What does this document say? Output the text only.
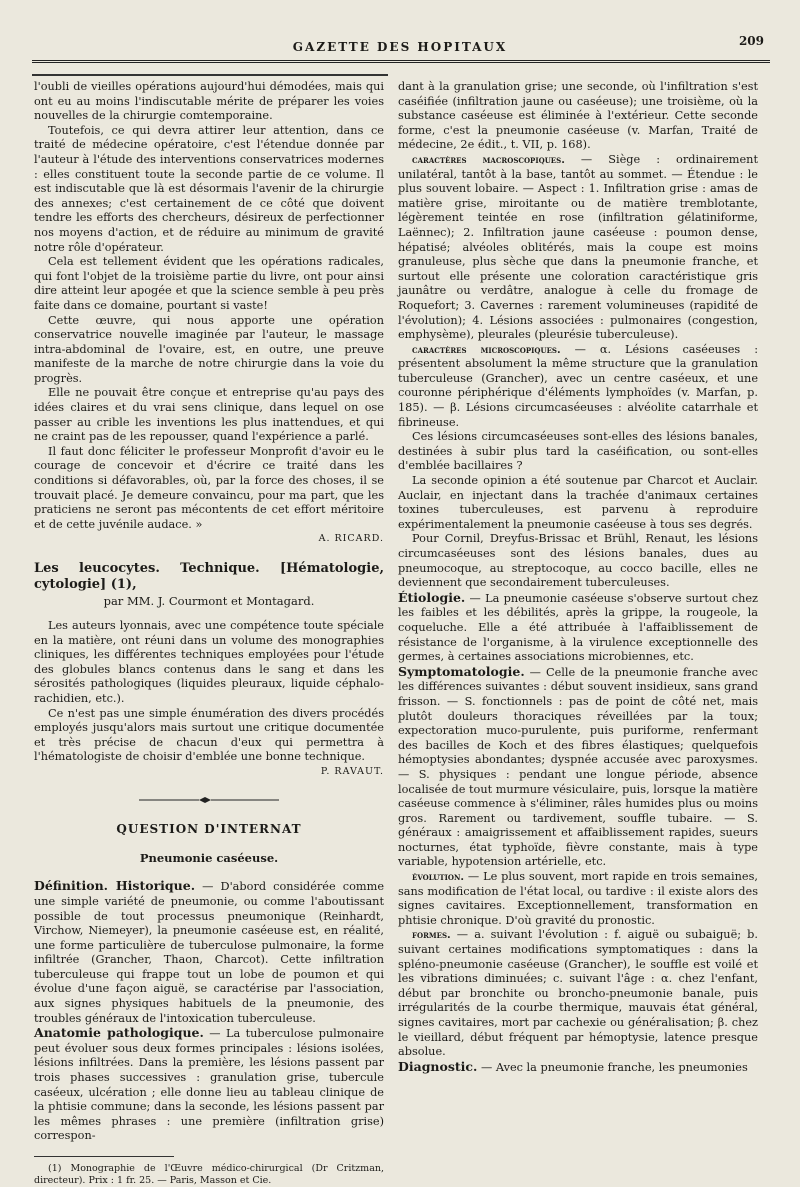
GAZETTE DES HOPITAUX	209

l'oubli de vieilles opérations aujourd'hui démodées, mais qui ont eu au moins l'indiscutable mérite de préparer les voies nouvelles de la chirurgie comtemporaine.

Toutefois, ce qui devra attirer leur attention, dans ce traité de médecine opératoire, c'est l'étendue donnée par l'auteur à l'étude des interventions conservatrices modernes : elles constituent toute la seconde partie de ce volume. Il est indiscutable que là est désormais l'avenir de la chirurgie des annexes; c'est certainement de ce côté que doivent tendre les efforts des chercheurs, désireux de perfectionner nos moyens d'action, et de réduire au minimum de gravité notre rôle d'opérateur.

Cela est tellement évident que les opérations radicales, qui font l'objet de la troisième partie du livre, ont pour ainsi dire atteint leur apogée et que la science semble à peu près faite dans ce domaine, pourtant si vaste!

Cette œuvre, qui nous apporte une opération conservatrice nouvelle imaginée par l'auteur, le massage intra-abdominal de l'ovaire, est, en outre, une preuve manifeste de la marche de notre chirurgie dans la voie du progrès.

Elle ne pouvait être conçue et entreprise qu'au pays des idées claires et du vrai sens clinique, dans lequel on ose passer au crible les inventions les plus inattendues, et qui ne craint pas de les repousser, quand l'expérience a parlé.

Il faut donc féliciter le professeur Monprofit d'avoir eu le courage de concevoir et d'écrire ce traité dans les conditions si défavorables, où, par la force des choses, il se trouvait placé. Je demeure convaincu, pour ma part, que les praticiens ne seront pas mécontents de cet effort méritoire et de cette juvénile audace. »

A. RICARD.
Les leucocytes. Technique. [Hématologie, cytologie] (1),
par MM. J. Courmont et Montagard.

Les auteurs lyonnais, avec une compétence toute spéciale en la matière, ont réuni dans un volume des monographies cliniques, les différentes techniques employées pour l'étude des globules blancs contenus dans le sang et dans les sérosités pathologiques (liquides pleuraux, liquide céphalo-rachidien, etc.).

Ce n'est pas une simple énumération des divers procédés employés jusqu'alors mais surtout une critique documentée et très précise de chacun d'eux qui permettra à l'hématologiste de choisir d'emblée une bonne technique.

P. RAVAUT.
QUESTION D'INTERNAT
Pneumonie caséeuse.

Définition. Historique. — D'abord considérée comme une simple variété de pneumonie, ou comme l'aboutissant possible de tout processus pneumonique (Reinhardt, Virchow, Niemeyer), la pneumonie caséeuse est, en réalité, une forme particulière de tuberculose pulmonaire, la forme infiltrée (Grancher, Thaon, Charcot). Cette infiltration tuberculeuse qui frappe tout un lobe de poumon et qui évolue d'une façon aiguë, se caractérise par l'association, aux signes physiques habituels de la pneumonie, des troubles généraux de l'intoxication tuberculeuse.

Anatomie pathologique. — La tuberculose pulmonaire peut évoluer sous deux formes principales : lésions isolées, lésions infiltrées. Dans la première, les lésions passent par trois phases successives : granulation grise, tubercule caséeux, ulcération ; elle donne lieu au tableau clinique de la phtisie commune; dans la seconde, les lésions passent par les mêmes phrases : une première (infiltration grise) correspon-

(1) Monographie de l'Œuvre médico-chirurgical (Dr Critzman, directeur). Prix : 1 fr. 25. — Paris, Masson et Cie.

dant à la granulation grise; une seconde, où l'infiltration s'est caséifiée (infiltration jaune ou caséeuse); une troisième, où la substance caséeuse est éliminée à l'extérieur. Cette seconde forme, c'est la pneumonie caséeuse (v. Marfan, Traité de médecine, 2e édit., t. VII, p. 168).

caractères macroscopiques. — Siège : ordinairement unilatéral, tantôt à la base, tantôt au sommet. — Étendue : le plus souvent lobaire. — Aspect : 1. Infiltration grise : amas de matière grise, miroitante ou de matière tremblotante, légèrement teintée en rose (infiltration gélatiniforme, Laënnec); 2. Infiltration jaune caséeuse : poumon dense, hépatisé; alvéoles oblitérés, mais la coupe est moins granuleuse, plus sèche que dans la pneumonie franche, et surtout elle présente une coloration caractéristique gris jaunâtre ou verdâtre, analogue à celle du fromage de Roquefort; 3. Cavernes : rarement volumineuses (rapidité de l'évolution); 4. Lésions associées : pulmonaires (congestion, emphysème), pleurales (pleurésie tuberculeuse).

caractères microscopiques. — α. Lésions caséeuses : présentent absolument la même structure que la granulation tuberculeuse (Grancher), avec un centre caséeux, et une couronne périphérique d'éléments lymphoïdes (v. Marfan, p. 185). — β. Lésions circumcaséeuses : alvéolite catarrhale et fibrineuse.

Ces lésions circumcaséeuses sont-elles des lésions banales, destinées à subir plus tard la caséification, ou sont-elles d'emblée bacillaires ?

La seconde opinion a été soutenue par Charcot et Auclair. Auclair, en injectant dans la trachée d'animaux certaines toxines tuberculeuses, est parvenu à reproduire expérimentalement la pneumonie caséeuse à tous ses degrés.

Pour Cornil, Dreyfus-Brissac et Brühl, Renaut, les lésions circumcaséeuses sont des lésions banales, dues au pneumocoque, au streptocoque, au cocco bacille, elles ne deviennent que secondairement tuberculeuses.

Étiologie. — La pneumonie caséeuse s'observe surtout chez les faibles et les débilités, après la grippe, la rougeole, la coqueluche. Elle a été attribuée à l'affaiblissement de résistance de l'organisme, à la virulence exceptionnelle des germes, à certaines associations microbiennes, etc.

Symptomatologie. — Celle de la pneumonie franche avec les différences suivantes : début souvent insidieux, sans grand frisson. — S. fonctionnels : pas de point de côté net, mais plutôt douleurs thoraciques réveillées par la toux; expectoration muco-purulente, puis puriforme, renfermant des bacilles de Koch et des fibres élastiques; quelquefois hémoptysies abondantes; dyspnée accusée avec paroxysmes. — S. physiques : pendant une longue période, absence localisée de tout murmure vésiculaire, puis, lorsque la matière caséeuse commence à s'éliminer, râles humides plus ou moins gros. Rarement ou tardivement, souffle tubaire. — S. généraux : amaigrissement et affaiblissement rapides, sueurs nocturnes, état typhoïde, fièvre constante, mais à type variable, hypotension artérielle, etc.

évolution. — Le plus souvent, mort rapide en trois semaines, sans modification de l'état local, ou tardive : il existe alors des signes cavitaires. Exceptionnellement, transformation en phtisie chronique. D'où gravité du pronostic.

formes. — a. suivant l'évolution : f. aiguë ou subaiguë; b. suivant certaines modifications symptomatiques : dans la spléno-pneumonie caséeuse (Grancher), le souffle est voilé et les vibrations diminuées; c. suivant l'âge : α. chez l'enfant, début par bronchite ou broncho-pneumonie banale, puis irrégularités de la courbe thermique, mauvais état général, signes cavitaires, mort par cachexie ou généralisation; β. chez le vieillard, début fréquent par hémoptysie, latence presque absolue.

Diagnostic. — Avec la pneumonie franche, les pneumonies
